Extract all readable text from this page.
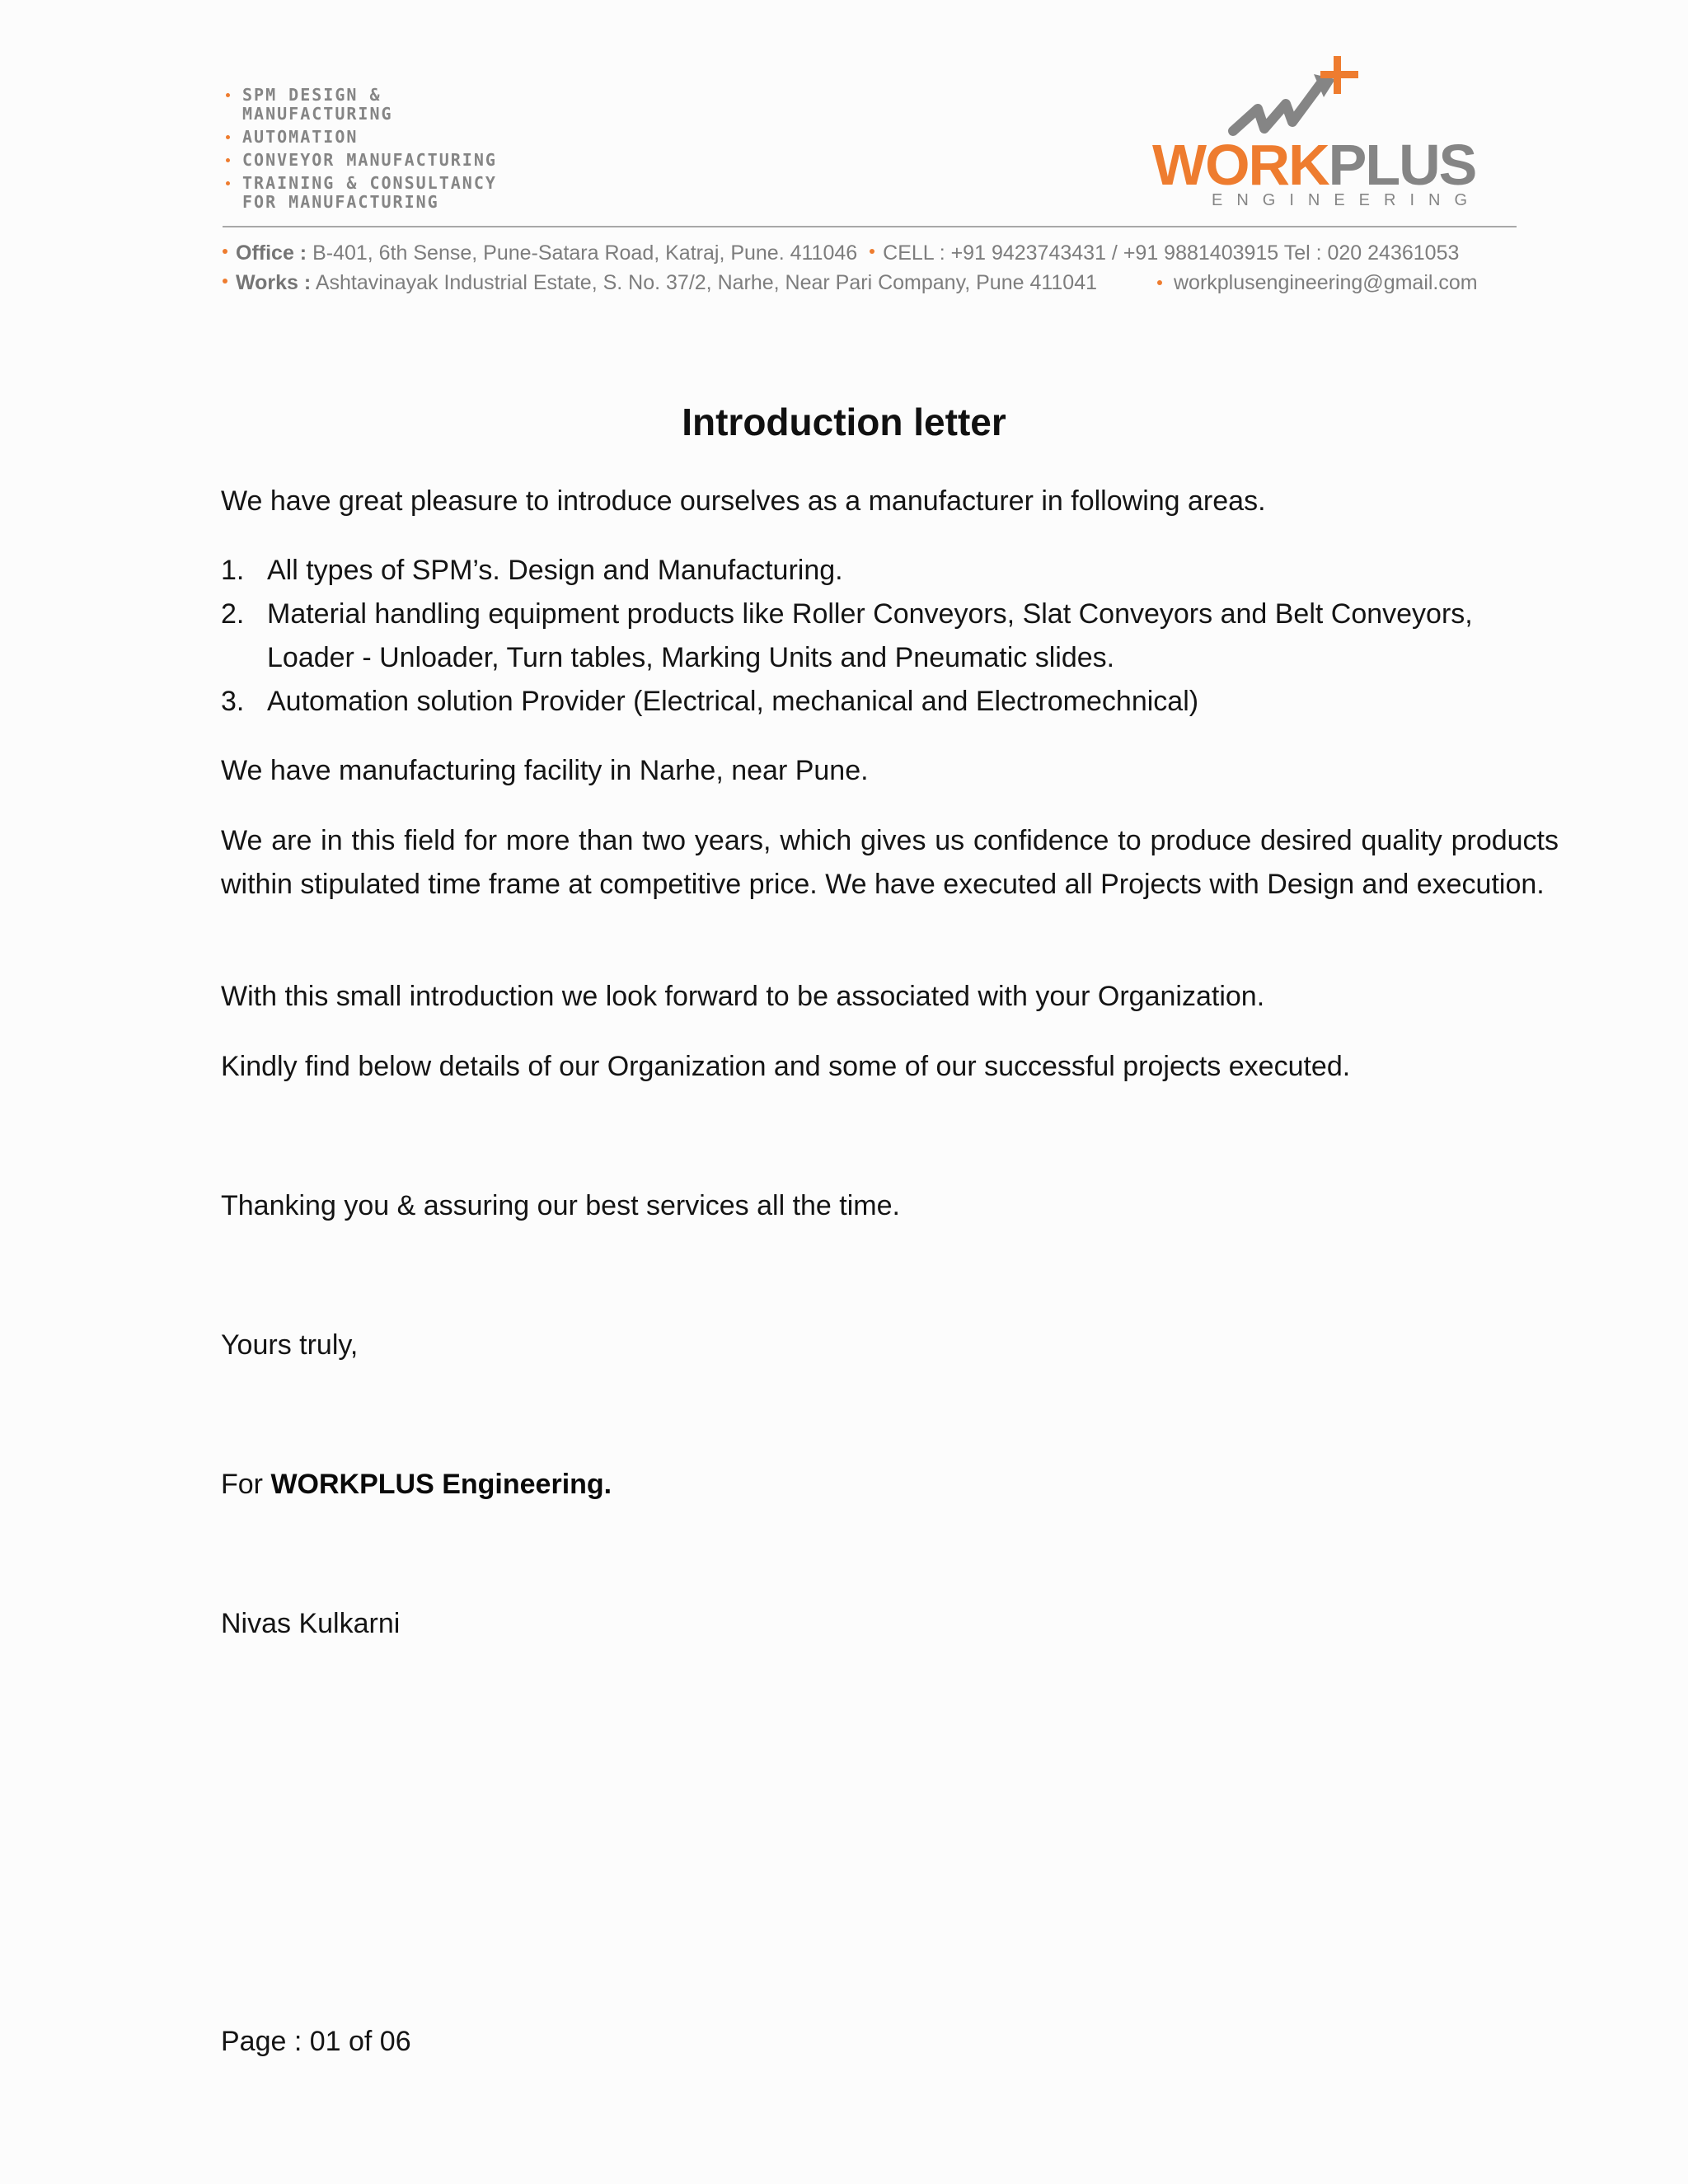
SPM DESIGN &
MANUFACTURING
AUTOMATION
CONVEYOR MANUFACTURING
TRAINING & CONSULTANCY
FOR MANUFACTURING
WORKPLUS
ENGINEERING
Office : B-401, 6th Sense, Pune-Satara Road, Katraj, Pune. 411046 CELL : +91 9423743431 / +91 9881403915 Tel : 020 24361053
Works : Ashtavinayak Industrial Estate, S. No. 37/2, Narhe, Near Pari Company, Pune 411041	workplusengineering@gmail.com
Introduction letter
We have great pleasure to introduce ourselves as a manufacturer in following areas.
1. All types of SPM’s. Design and Manufacturing.
2. Material handling equipment products like Roller Conveyors, Slat Conveyors and Belt Conveyors, Loader - Unloader, Turn tables, Marking Units and Pneumatic slides.
3. Automation solution Provider (Electrical, mechanical and Electromechnical)
We have manufacturing facility in Narhe, near Pune.
We are in this field for more than two years, which gives us confidence to produce desired quality products within stipulated time frame at competitive price. We have executed all Projects with Design and execution.
With this small introduction we look forward to be associated with your Organization.
Kindly find below details of our Organization and some of our successful projects executed.
Thanking you & assuring our best services all the time.
Yours truly,
For WORKPLUS Engineering.
Nivas Kulkarni
Page : 01 of 06
